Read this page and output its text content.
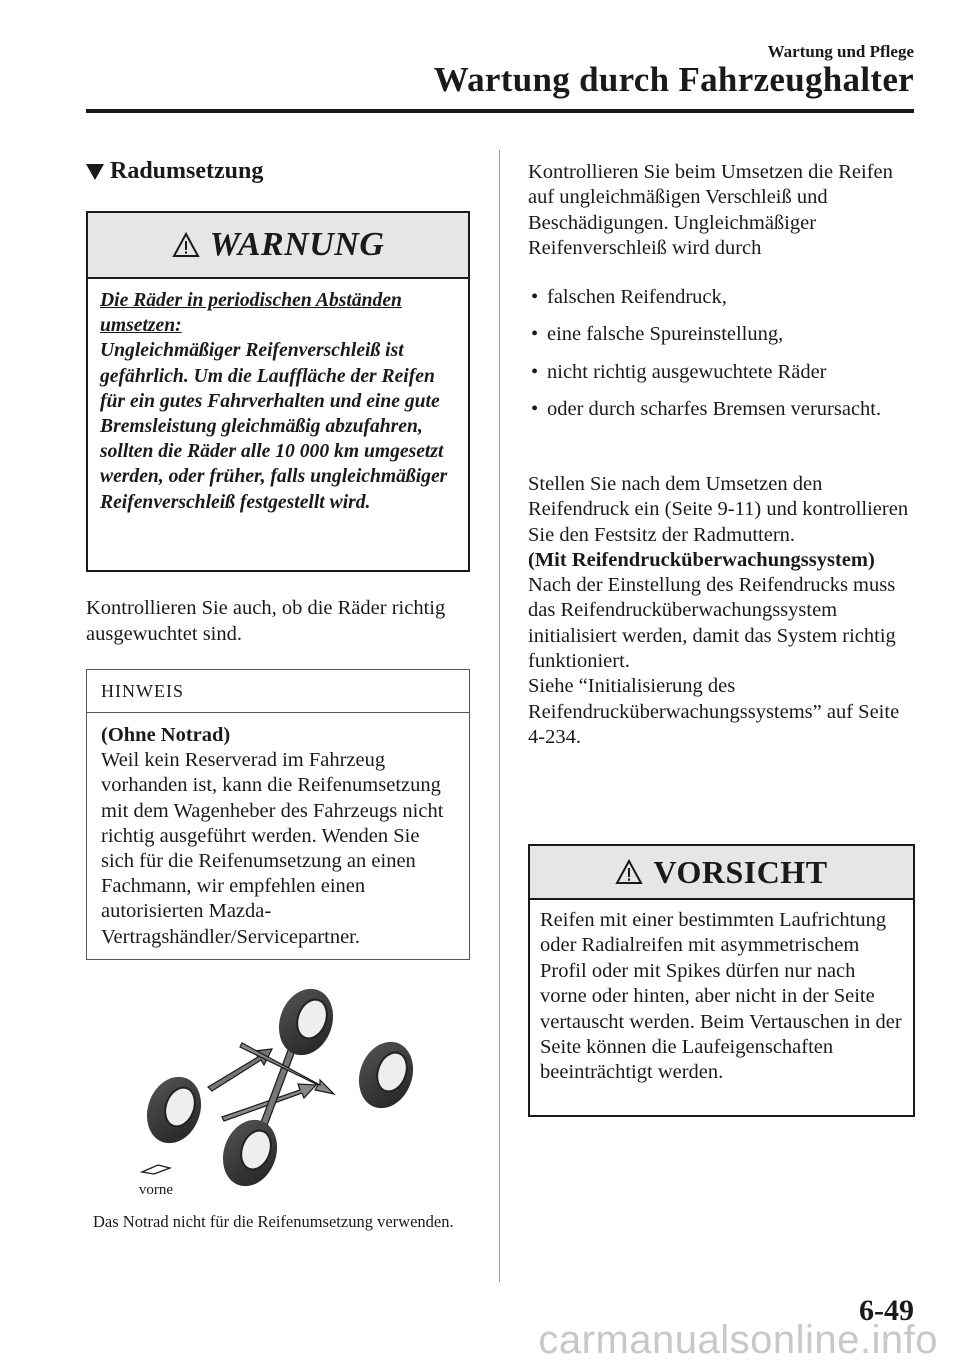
Wartung und Pflege
Wartung durch Fahrzeughalter
Radumsetzung
WARNUNG
Die Räder in periodischen Abständen umsetzen:
Ungleichmäßiger Reifenverschleiß ist gefährlich. Um die Lauffläche der Reifen für ein gutes Fahrverhalten und eine gute Bremsleistung gleichmäßig abzufahren, sollten die Räder alle 10 000 km umgesetzt werden, oder früher, falls ungleichmäßiger Reifenverschleiß festgestellt wird.
Kontrollieren Sie auch, ob die Räder richtig ausgewuchtet sind.
HINWEIS
(Ohne Notrad)
Weil kein Reserverad im Fahrzeug vorhanden ist, kann die Reifenumsetzung mit dem Wagenheber des Fahrzeugs nicht richtig ausgeführt werden. Wenden Sie sich für die Reifenumsetzung an einen Fachmann, wir empfehlen einen autorisierten Mazda-Vertragshändler/Servicepartner.
vorne
Das Notrad nicht für die Reifenumsetzung verwenden.
Kontrollieren Sie beim Umsetzen die Reifen auf ungleichmäßigen Verschleiß und Beschädigungen. Ungleichmäßiger Reifenverschleiß wird durch
• falschen Reifendruck,
• eine falsche Spureinstellung,
• nicht richtig ausgewuchtete Räder
• oder durch scharfes Bremsen verursacht.
Stellen Sie nach dem Umsetzen den Reifendruck ein (Seite 9-11) und kontrollieren Sie den Festsitz der Radmuttern.
(Mit Reifendrucküberwachungssystem)
Nach der Einstellung des Reifendrucks muss das Reifendrucküberwachungssystem initialisiert werden, damit das System richtig funktioniert.
Siehe “Initialisierung des Reifendrucküberwachungssystems” auf Seite 4-234.
VORSICHT
Reifen mit einer bestimmten Laufrichtung oder Radialreifen mit asymmetrischem Profil oder mit Spikes dürfen nur nach vorne oder hinten, aber nicht in der Seite vertauscht werden. Beim Vertauschen in der Seite können die Laufeigenschaften beeinträchtigt werden.
6-49
carmanualsonline.info
